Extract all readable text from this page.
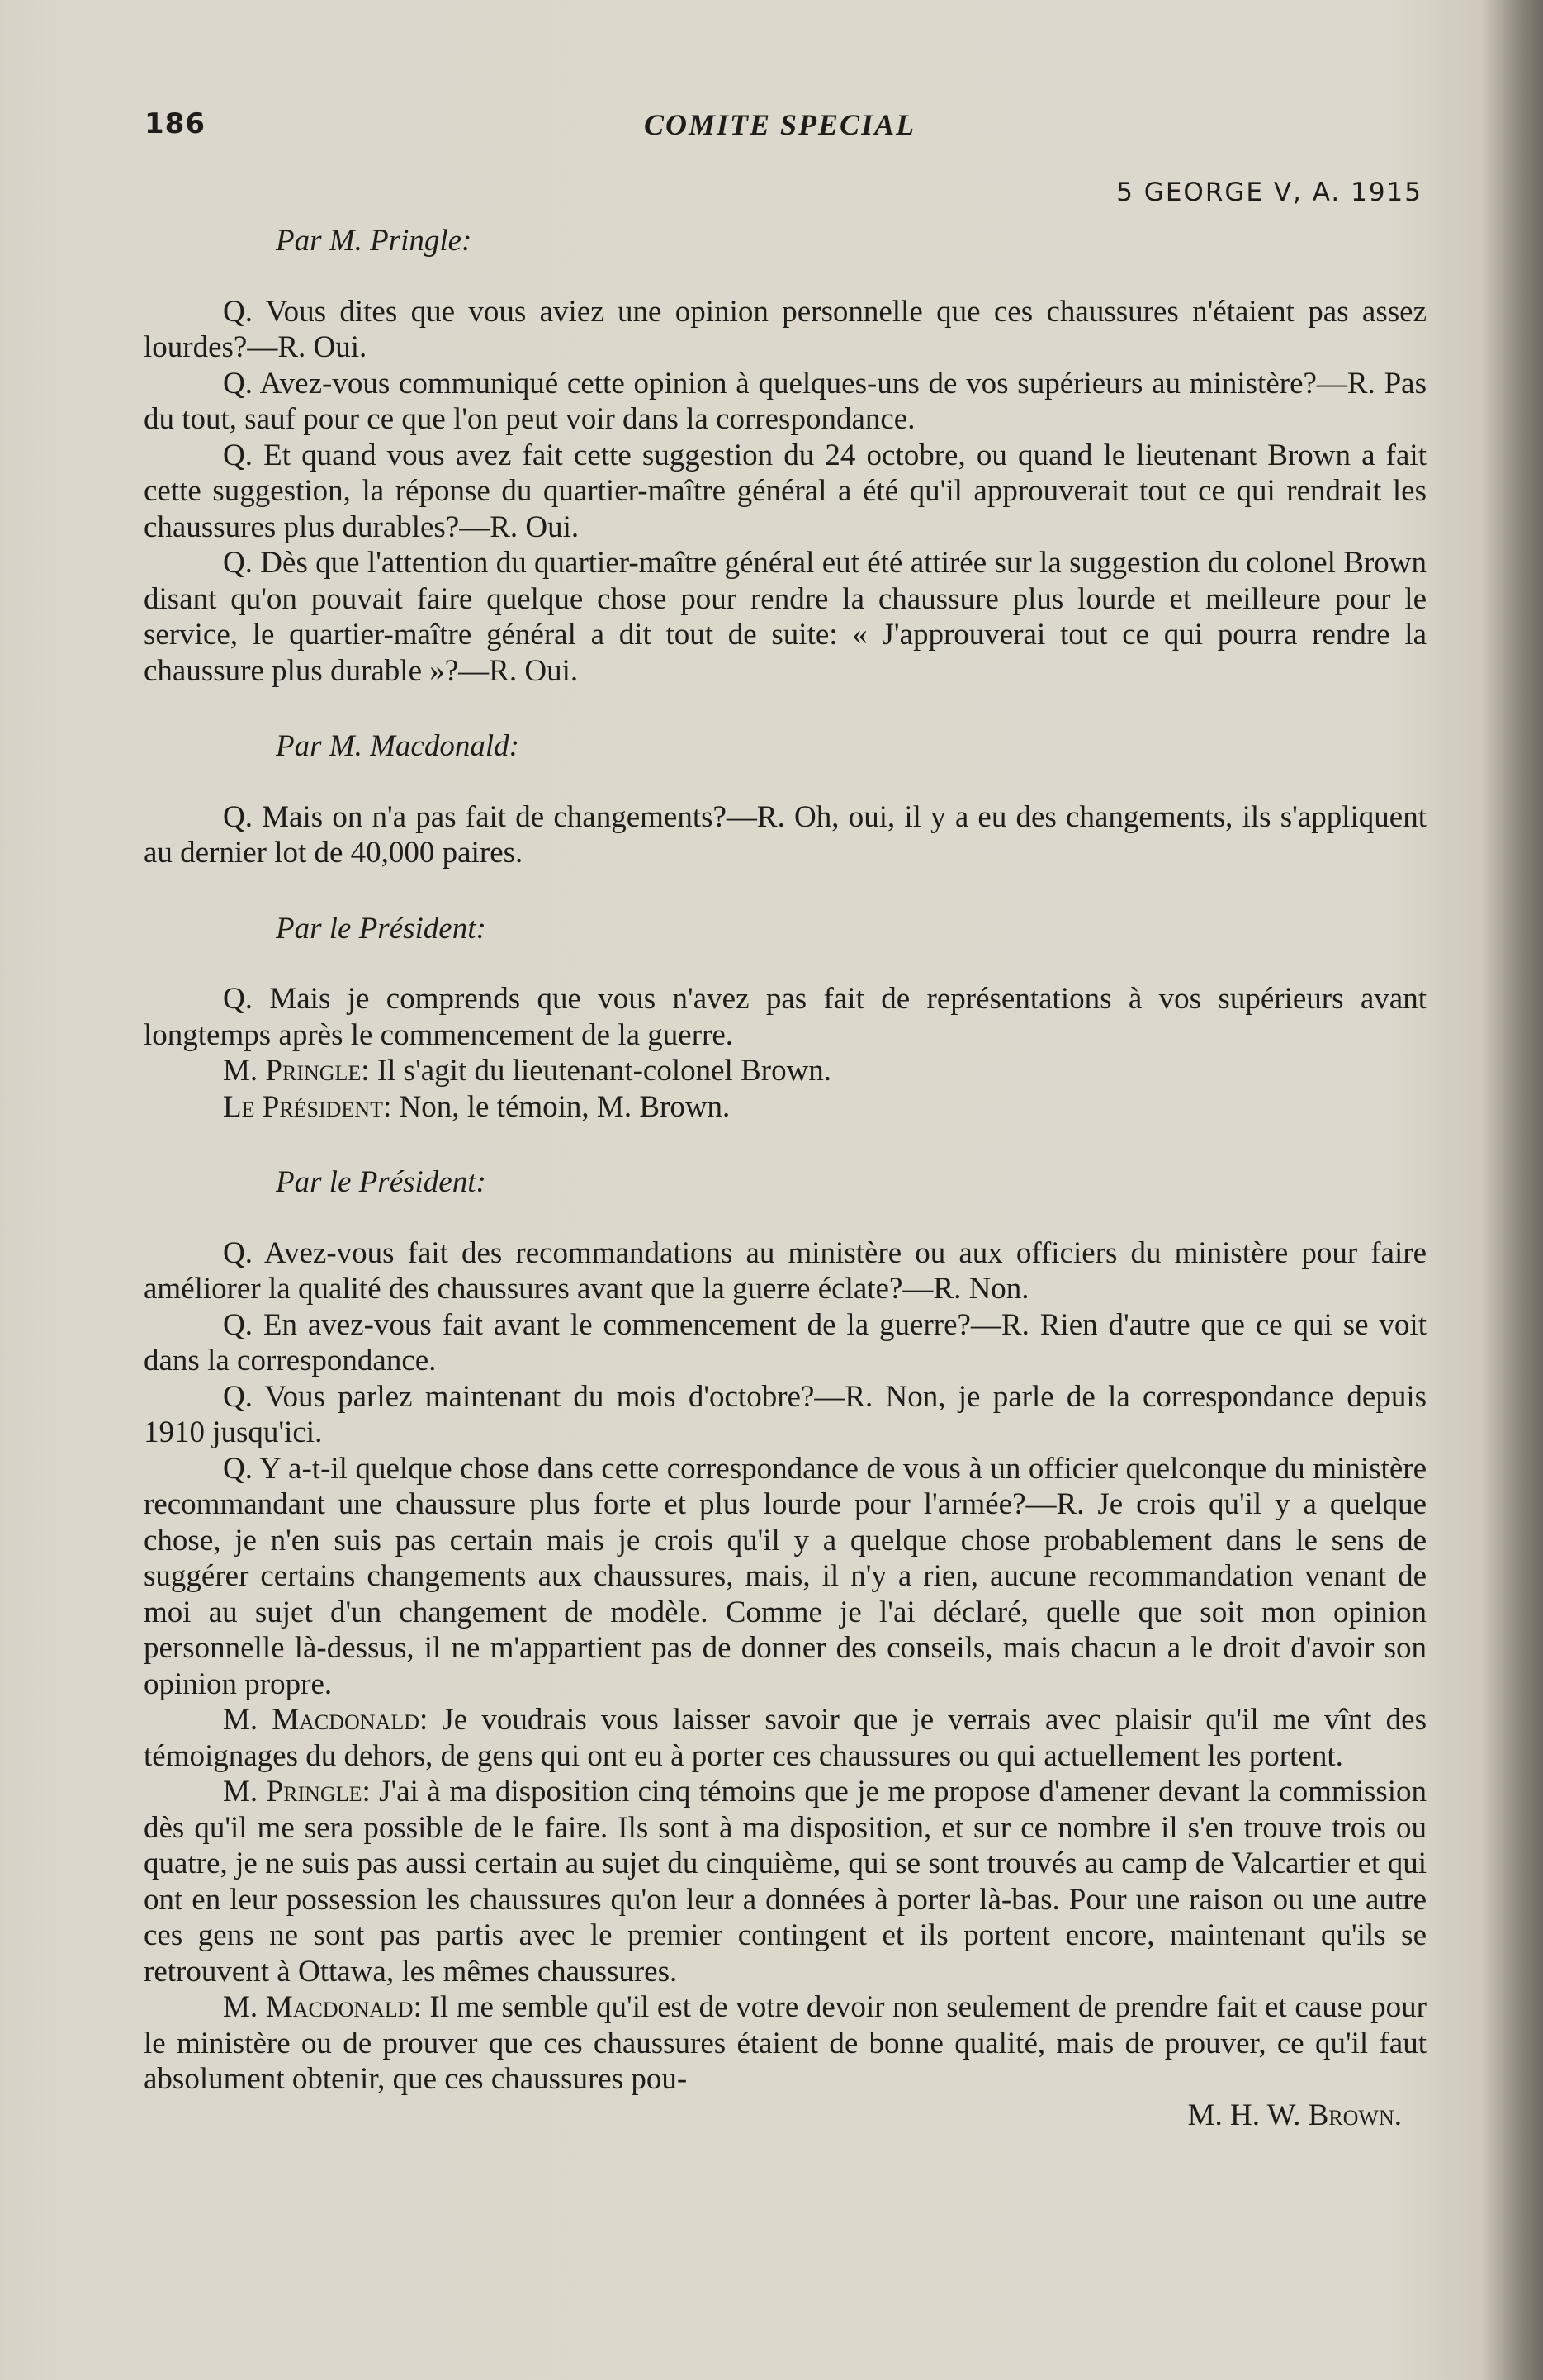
186	COMITE SPECIAL
5 GEORGE V, A. 1915

Par M. Pringle:

Q. Vous dites que vous aviez une opinion personnelle que ces chaussures n'étaient pas assez lourdes?—R. Oui.

Q. Avez-vous communiqué cette opinion à quelques-uns de vos supérieurs au ministère?—R. Pas du tout, sauf pour ce que l'on peut voir dans la correspondance.

Q. Et quand vous avez fait cette suggestion du 24 octobre, ou quand le lieutenant Brown a fait cette suggestion, la réponse du quartier-maître général a été qu'il approuverait tout ce qui rendrait les chaussures plus durables?—R. Oui.

Q. Dès que l'attention du quartier-maître général eut été attirée sur la suggestion du colonel Brown disant qu'on pouvait faire quelque chose pour rendre la chaussure plus lourde et meilleure pour le service, le quartier-maître général a dit tout de suite: « J'approuverai tout ce qui pourra rendre la chaussure plus durable »?—R. Oui.

Par M. Macdonald:

Q. Mais on n'a pas fait de changements?—R. Oh, oui, il y a eu des changements, ils s'appliquent au dernier lot de 40,000 paires.

Par le Président:

Q. Mais je comprends que vous n'avez pas fait de représentations à vos supérieurs avant longtemps après le commencement de la guerre.

M. Pringle: Il s'agit du lieutenant-colonel Brown.

Le Président: Non, le témoin, M. Brown.

Par le Président:

Q. Avez-vous fait des recommandations au ministère ou aux officiers du ministère pour faire améliorer la qualité des chaussures avant que la guerre éclate?—R. Non.

Q. En avez-vous fait avant le commencement de la guerre?—R. Rien d'autre que ce qui se voit dans la correspondance.

Q. Vous parlez maintenant du mois d'octobre?—R. Non, je parle de la correspondance depuis 1910 jusqu'ici.

Q. Y a-t-il quelque chose dans cette correspondance de vous à un officier quelconque du ministère recommandant une chaussure plus forte et plus lourde pour l'armée?—R. Je crois qu'il y a quelque chose, je n'en suis pas certain mais je crois qu'il y a quelque chose probablement dans le sens de suggérer certains changements aux chaussures, mais, il n'y a rien, aucune recommandation venant de moi au sujet d'un changement de modèle. Comme je l'ai déclaré, quelle que soit mon opinion personnelle là-dessus, il ne m'appartient pas de donner des conseils, mais chacun a le droit d'avoir son opinion propre.

M. Macdonald: Je voudrais vous laisser savoir que je verrais avec plaisir qu'il me vînt des témoignages du dehors, de gens qui ont eu à porter ces chaussures ou qui actuellement les portent.

M. Pringle: J'ai à ma disposition cinq témoins que je me propose d'amener devant la commission dès qu'il me sera possible de le faire. Ils sont à ma disposition, et sur ce nombre il s'en trouve trois ou quatre, je ne suis pas aussi certain au sujet du cinquième, qui se sont trouvés au camp de Valcartier et qui ont en leur possession les chaussures qu'on leur a données à porter là-bas. Pour une raison ou une autre ces gens ne sont pas partis avec le premier contingent et ils portent encore, maintenant qu'ils se retrouvent à Ottawa, les mêmes chaussures.

M. Macdonald: Il me semble qu'il est de votre devoir non seulement de prendre fait et cause pour le ministère ou de prouver que ces chaussures étaient de bonne qualité, mais de prouver, ce qu'il faut absolument obtenir, que ces chaussures pou-

M. H. W. Brown.
